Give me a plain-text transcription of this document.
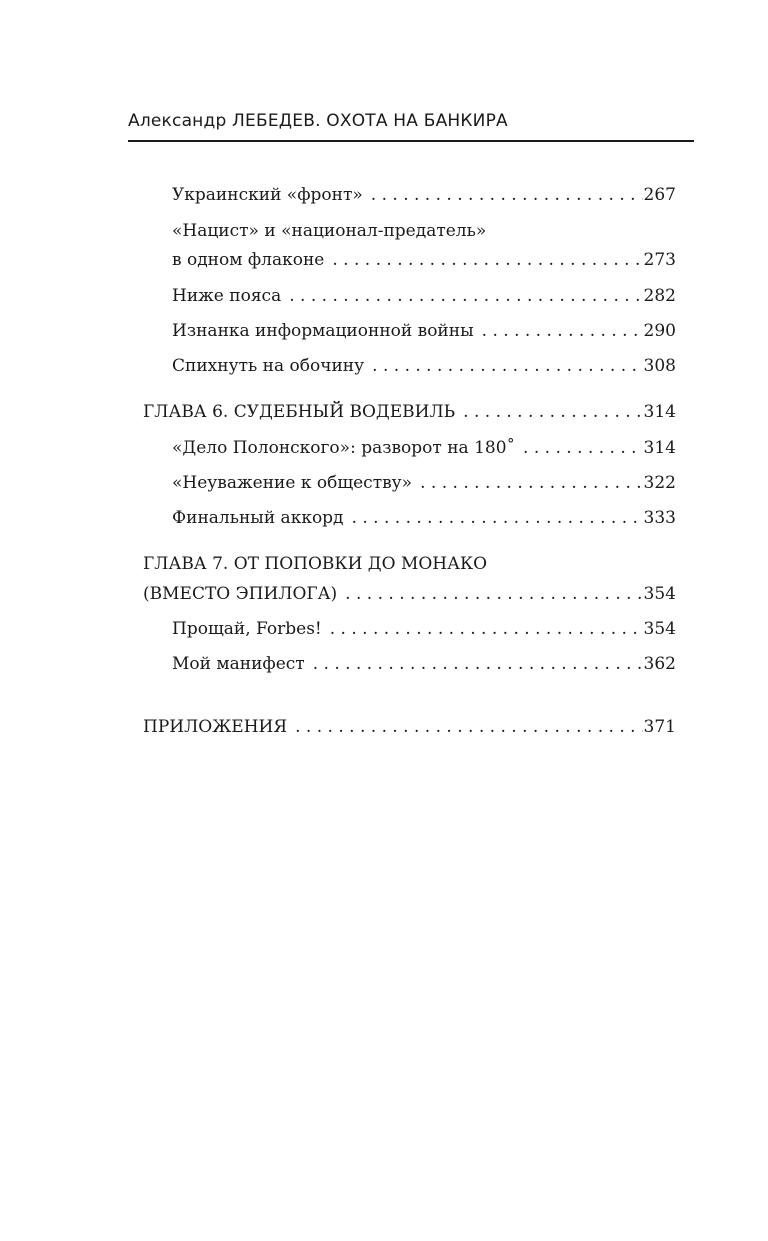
Александр ЛЕБЕДЕВ. ОХОТА НА БАНКИРА
Украинский «фронт» . . .	267
«Нацист» и «национал-предатель»
в одном флаконе . . .	273
Ниже пояса . . .	282
Изнанка информационной войны . . .	290
Спихнуть на обочину . . .	308
ГЛАВА 6. СУДЕБНЫЙ ВОДЕВИЛЬ . . .	314
«Дело Полонского»: разворот на 180˚ . . .	314
«Неуважение к обществу» . . .	322
Финальный аккорд . . .	333
ГЛАВА 7. ОТ ПОПОВКИ ДО МОНАКО
(ВМЕСТО ЭПИЛОГА) . . .	354
Прощай, Forbes! . . .	354
Мой манифест . . .	362
ПРИЛОЖЕНИЯ . . .	371
